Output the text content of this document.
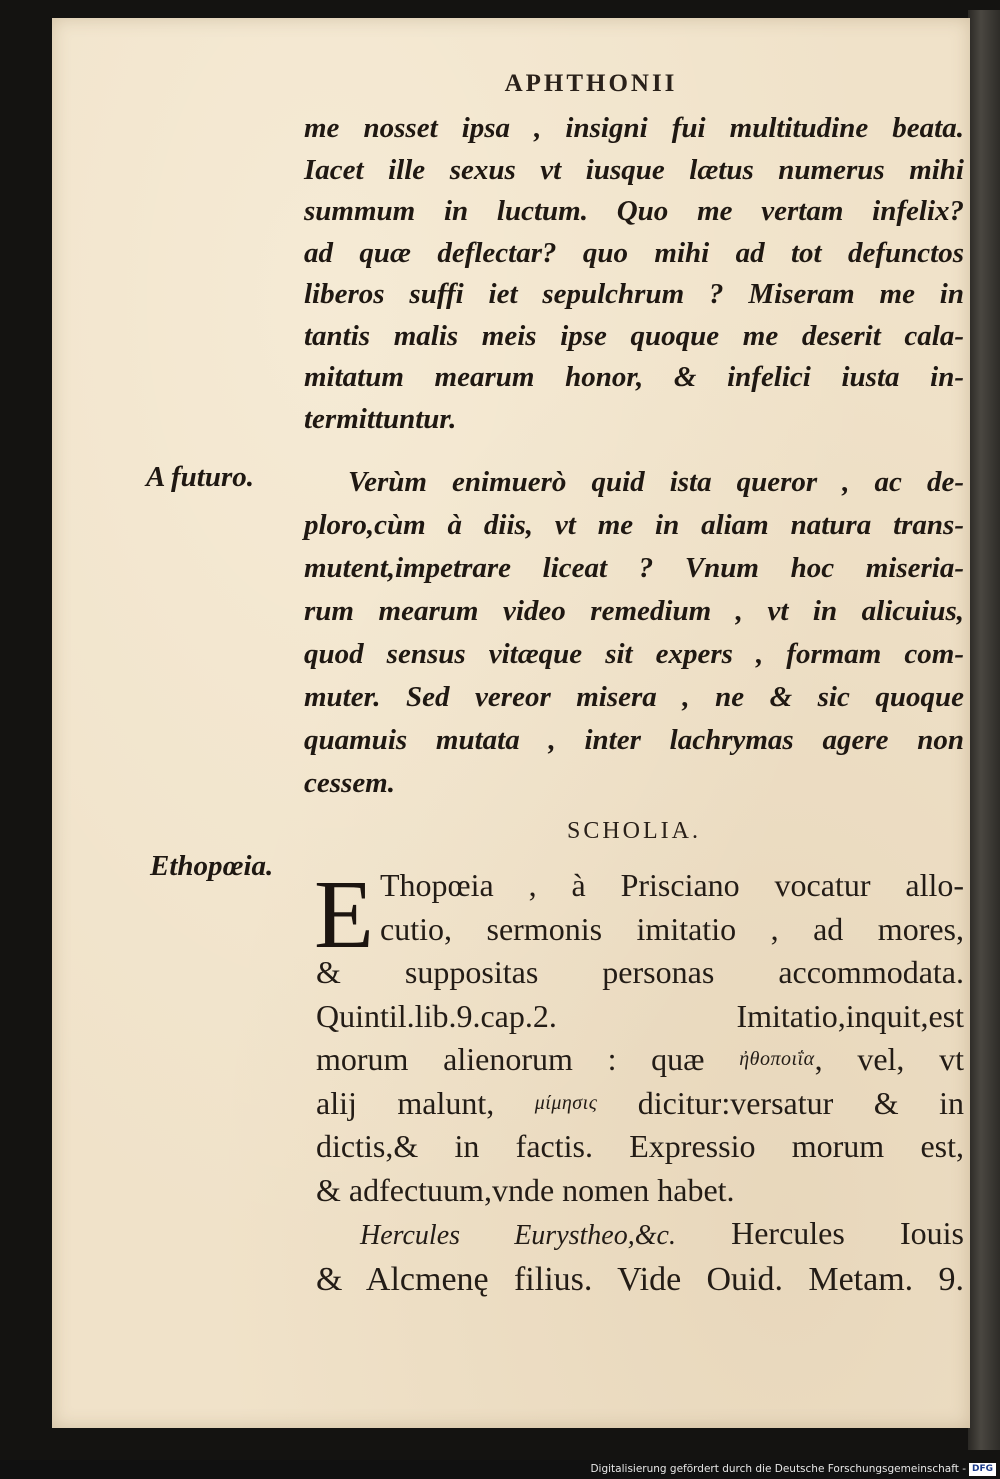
APHTHONII
me nosset ipsa , insigni fui multitudine beata.
Iacet ille sexus vt iusque lætus numerus mihi
summum in luctum. Quo me vertam infelix?
ad quæ deflectar? quo mihi ad tot defunctos
liberos suffi iet sepulchrum ? Miseram me in
tantis malis meis ipse quoque me deserit cala-
mitatum mearum honor, & infelici iusta in-
termittuntur.
A futuro.	Verùm enimuerò quid ista queror , ac de-
ploro,cùm à diis, vt me in aliam natura trans-
mutent,impetrare liceat ? Vnum hoc miseria-
rum mearum video remedium , vt in alicuius,
quod sensus vitæque sit expers , formam com-
muter. Sed vereor misera , ne & sic quoque
quamuis mutata , inter lachrymas agere non
cessem.
SCHOLIA.
Ethopœia. E Thopœia , à Prisciano vocatur allo-
cutio, sermonis imitatio , ad mores,
& suppositas personas accommodata.
Quintil.lib.9.cap.2. Imitatio,inquit,est
morum alienorum : quæ ἠθοποιΐα, vel, vt
alij malunt, μίμησις dicitur:versatur & in
dictis,& in factis. Expressio morum est,
& adfectuum,vnde nomen habet.
Hercules Eurystheo,&c. Hercules Iouis
& Alcmenę filius. Vide Ouid. Metam. 9.
Digitalisierung gefördert durch die Deutsche Forschungsgemeinschaft - DFG
